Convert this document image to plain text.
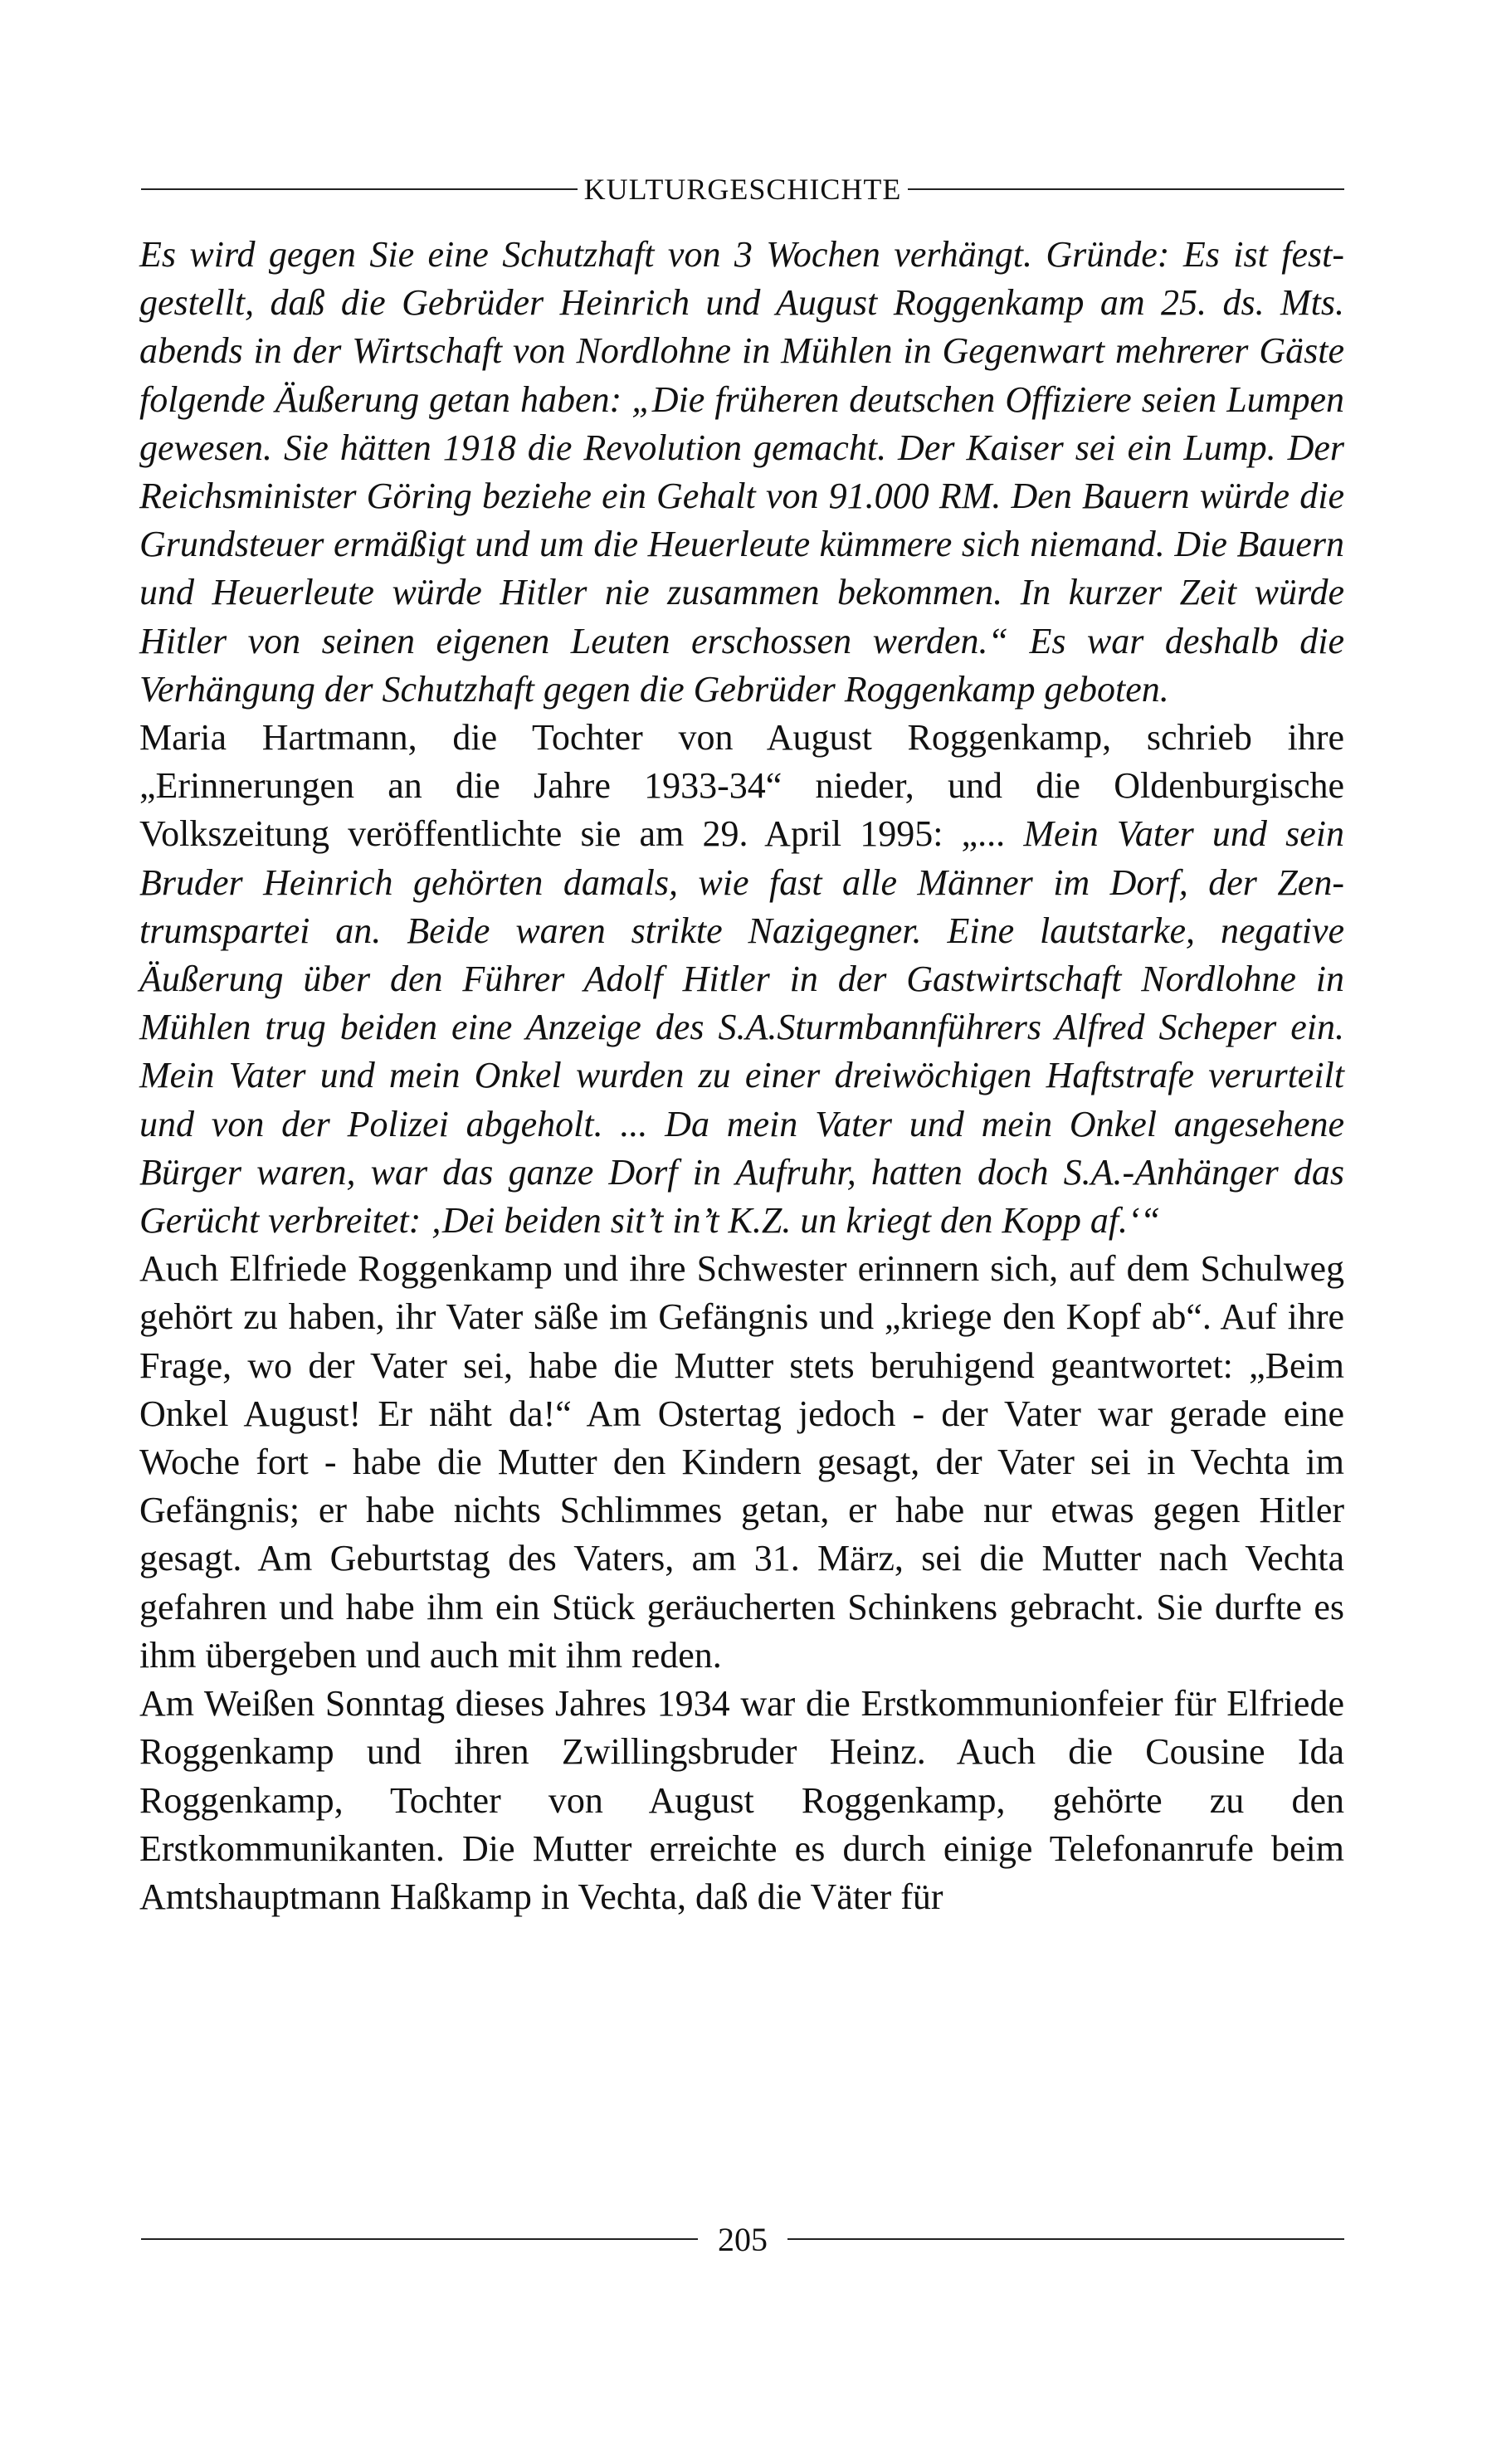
KULTURGESCHICHTE

Es wird gegen Sie eine Schutzhaft von 3 Wochen verhängt. Gründe: Es ist festgestellt, daß die Gebrüder Heinrich und August Roggenkamp am 25. ds. Mts. abends in der Wirtschaft von Nordlohne in Mühlen in Gegenwart mehrerer Gäste folgende Äußerung getan haben: „Die früheren deutschen Offiziere seien Lumpen gewesen. Sie hätten 1918 die Revolution gemacht. Der Kaiser sei ein Lump. Der Reichsminister Göring beziehe ein Gehalt von 91.000 RM. Den Bauern würde die Grundsteuer ermäßigt und um die Heuerleute kümmere sich niemand. Die Bauern und Heuerleute würde Hitler nie zusammen bekommen. In kurzer Zeit würde Hitler von seinen eigenen Leuten erschossen werden.“ Es war deshalb die Verhängung der Schutzhaft gegen die Gebrüder Roggenkamp geboten.

Maria Hartmann, die Tochter von August Roggenkamp, schrieb ihre „Erinnerungen an die Jahre 1933-34“ nieder, und die Oldenburgische Volkszeitung veröffentlichte sie am 29. April 1995: „... Mein Vater und sein Bruder Heinrich gehörten damals, wie fast alle Männer im Dorf, der Zentrumspartei an. Beide waren strikte Nazigegner. Eine lautstarke, negative Äußerung über den Führer Adolf Hitler in der Gastwirtschaft Nordlohne in Mühlen trug beiden eine Anzeige des S.A.Sturmbannführers Alfred Scheper ein. Mein Vater und mein Onkel wurden zu einer dreiwöchigen Haftstrafe verurteilt und von der Polizei abgeholt. ... Da mein Vater und mein Onkel angesehene Bürger waren, war das ganze Dorf in Aufruhr, hatten doch S.A.-Anhänger das Gerücht verbreitet: ‚Dei beiden sit’t in’t K.Z. un kriegt den Kopp af.‘“

Auch Elfriede Roggenkamp und ihre Schwester erinnern sich, auf dem Schulweg gehört zu haben, ihr Vater säße im Gefängnis und „kriege den Kopf ab“. Auf ihre Frage, wo der Vater sei, habe die Mutter stets beruhigend geantwortet: „Beim Onkel August! Er näht da!“ Am Ostertag jedoch - der Vater war gerade eine Woche fort - habe die Mutter den Kindern gesagt, der Vater sei in Vechta im Gefängnis; er habe nichts Schlimmes getan, er habe nur etwas gegen Hitler gesagt. Am Geburtstag des Vaters, am 31. März, sei die Mutter nach Vechta gefahren und habe ihm ein Stück geräucherten Schinkens gebracht. Sie durfte es ihm übergeben und auch mit ihm reden.

Am Weißen Sonntag dieses Jahres 1934 war die Erstkommunionfeier für Elfriede Roggenkamp und ihren Zwillingsbruder Heinz. Auch die Cousine Ida Roggenkamp, Tochter von August Roggenkamp, gehörte zu den Erstkommunikanten. Die Mutter erreichte es durch einige Telefonanrufe beim Amtshauptmann Haßkamp in Vechta, daß die Väter für

205
